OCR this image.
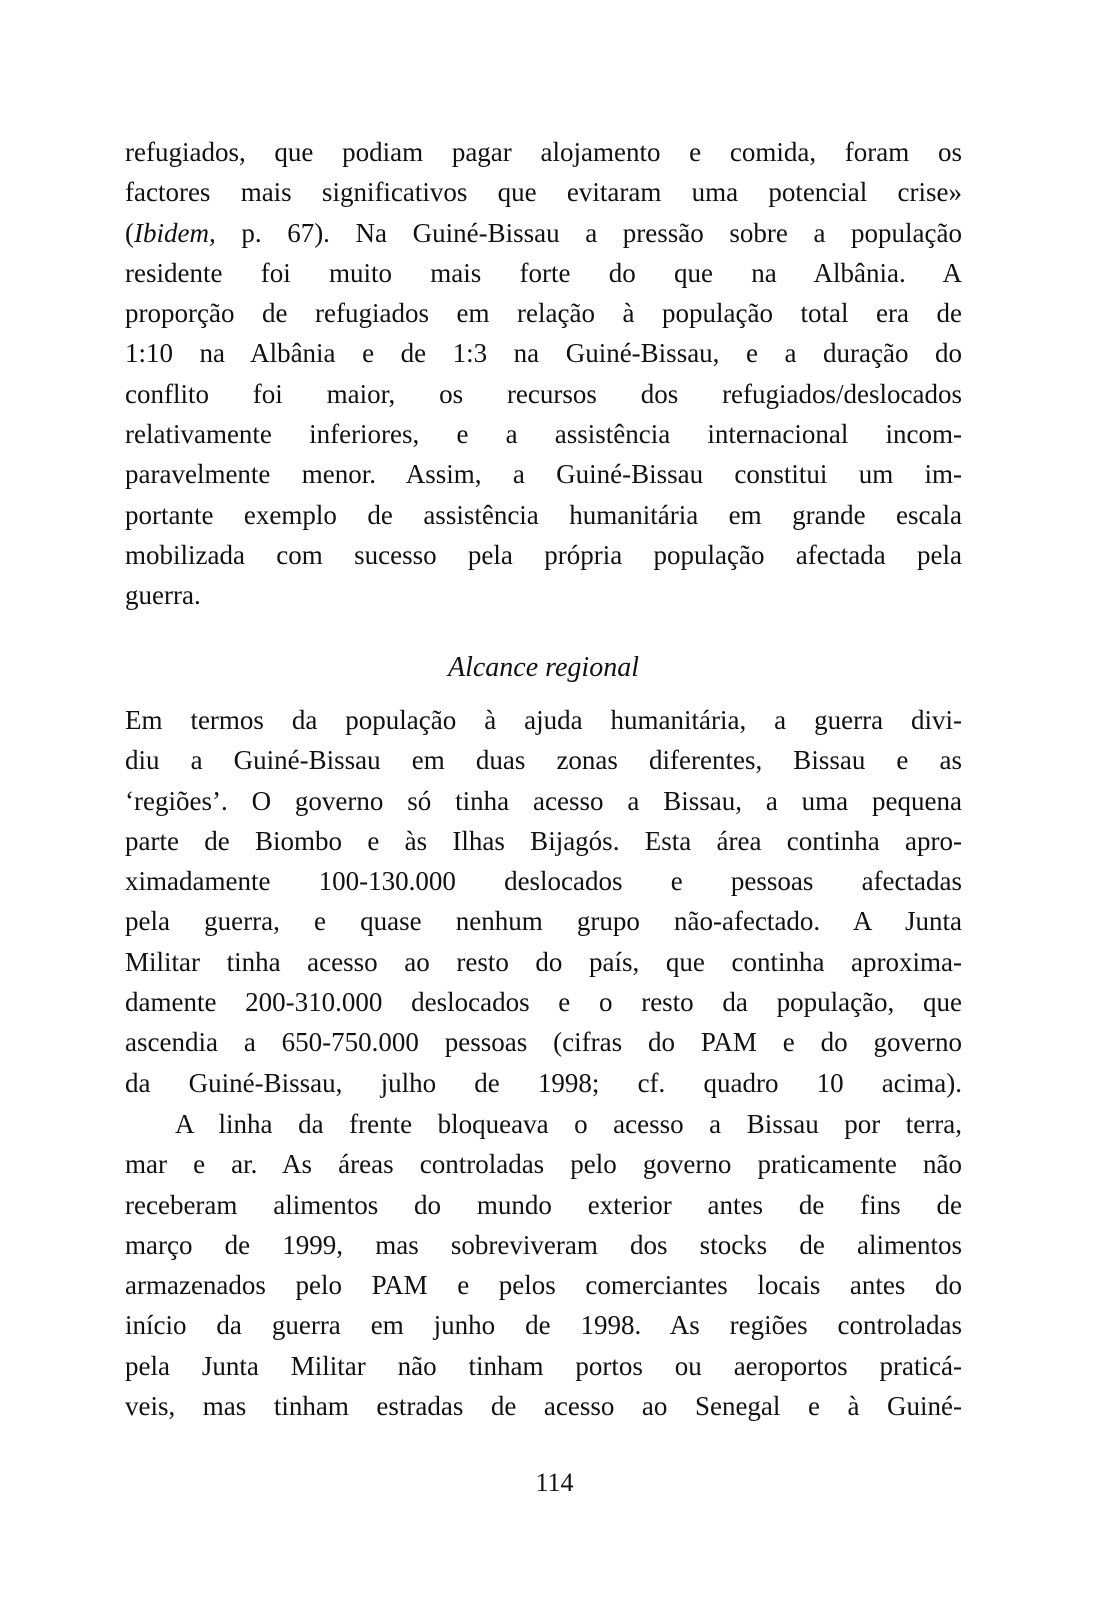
refugiados, que podiam pagar alojamento e comida, foram os
factores mais significativos que evitaram uma potencial crise»
(Ibidem, p. 67). Na Guiné-Bissau a pressão sobre a população
residente foi muito mais forte do que na Albânia. A
proporção de refugiados em relação à população total era de
1:10 na Albânia e de 1:3 na Guiné-Bissau, e a duração do
conflito foi maior, os recursos dos refugiados/deslocados
relativamente inferiores, e a assistência internacional incom-
paravelmente menor. Assim, a Guiné-Bissau constitui um im-
portante exemplo de assistência humanitária em grande escala
mobilizada com sucesso pela própria população afectada pela
guerra.
Alcance regional
Em termos da população à ajuda humanitária, a guerra divi-
diu a Guiné-Bissau em duas zonas diferentes, Bissau e as
‘regiões’. O governo só tinha acesso a Bissau, a uma pequena
parte de Biombo e às Ilhas Bijagós. Esta área continha apro-
ximadamente 100-130.000 deslocados e pessoas afectadas
pela guerra, e quase nenhum grupo não-afectado. A Junta
Militar tinha acesso ao resto do país, que continha aproxima-
damente 200-310.000 deslocados e o resto da população, que
ascendia a 650-750.000 pessoas (cifras do PAM e do governo
da Guiné-Bissau, julho de 1998; cf. quadro 10 acima).
A linha da frente bloqueava o acesso a Bissau por terra,
mar e ar. As áreas controladas pelo governo praticamente não
receberam alimentos do mundo exterior antes de fins de
março de 1999, mas sobreviveram dos stocks de alimentos
armazenados pelo PAM e pelos comerciantes locais antes do
início da guerra em junho de 1998. As regiões controladas
pela Junta Militar não tinham portos ou aeroportos praticá-
veis, mas tinham estradas de acesso ao Senegal e à Guiné-
114
